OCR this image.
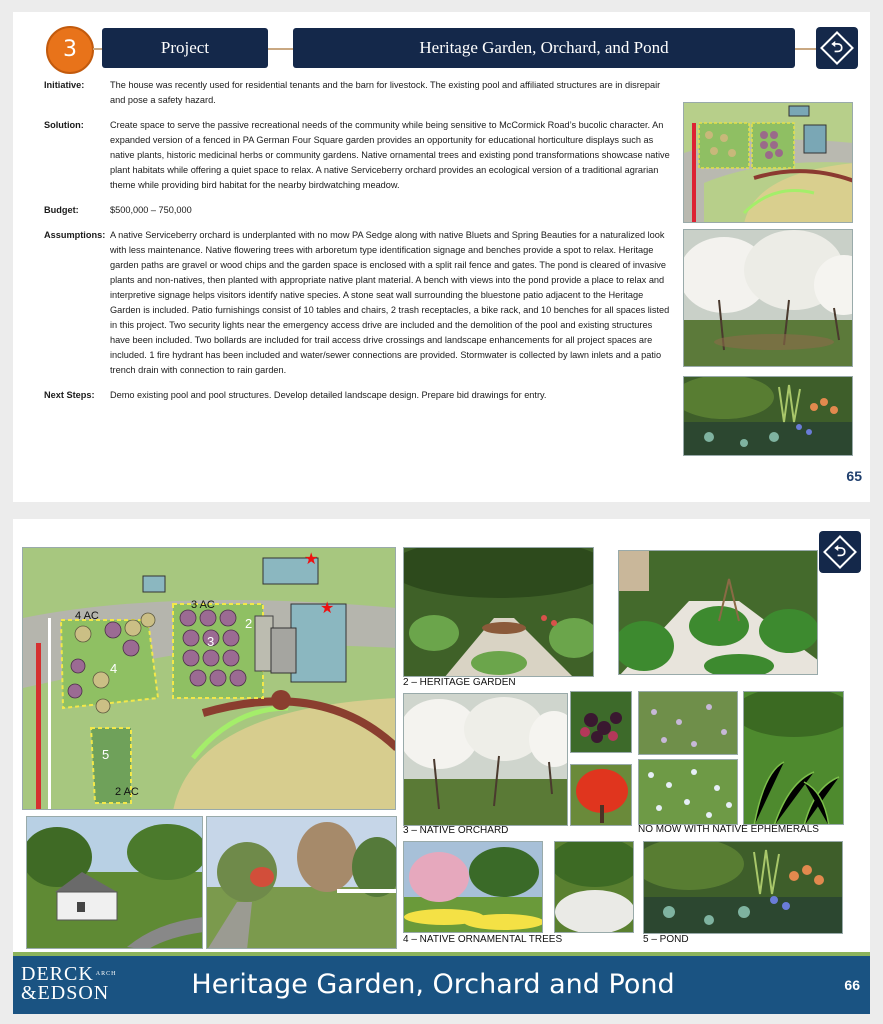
3	Project	Heritage Garden, Orchard, and Pond	⮌
Initiative:	The house was recently used for residential tenants and the barn for livestock. The existing pool and affiliated structures are in disrepair and pose a safety hazard.
Solution:	Create space to serve the passive recreational needs of the community while being sensitive to McCormick Road’s bucolic character. An expanded version of a fenced in PA German Four Square garden provides an opportunity for educational horticulture displays such as native plants, historic medicinal herbs or community gardens. Native ornamental trees and existing pond transformations showcase native plant habitats while offering a quiet space to relax. A native Serviceberry orchard provides an ecological version of a traditional agrarian theme while providing bird habitat for the nearby birdwatching meadow.
Budget:	$500,000 – 750,000
Assumptions: A native Serviceberry orchard is underplanted with no mow PA Sedge along with native Bluets and Spring Beauties for a naturalized look with less maintenance. Native flowering trees with arboretum type identification signage and benches provide a spot to relax. Heritage garden paths are gravel or wood chips and the garden space is enclosed with a split rail fence and gates. The pond is cleared of invasive plants and non-natives, then planted with appropriate native plant material. A bench with views into the pond provide a place to relax and interpretive signage helps visitors identify native species. A stone seat wall surrounding the bluestone patio adjacent to the Heritage Garden is included. Patio furnishings consist of 10 tables and chairs, 2 trash receptacles, a bike rack, and 10 benches for all spaces listed in this project. Two security lights near the emergency access drive are included and the demolition of the pool and existing structures have been included. Two bollards are included for trail access drive crossings and landscape enhancements for all project spaces are included. 1 fire hydrant has been included and water/sewer connections are provided. Stormwater is collected by lawn inlets and a patio trench drain with connection to rain garden.
Next Steps:	Demo existing pool and pool structures. Develop detailed landscape design. Prepare bid drawings for entry.
65
★
★
4 AC
3 AC
2 AC
2
3
4
5
2 – HERITAGE GARDEN
3 – NATIVE ORCHARD	NO MOW WITH NATIVE EPHEMERALS
4 – NATIVE ORNAMENTAL TREES	5 – POND
⮌
DERCK $^{ARCH}$
&EDSON	Heritage Garden, Orchard and Pond	66
